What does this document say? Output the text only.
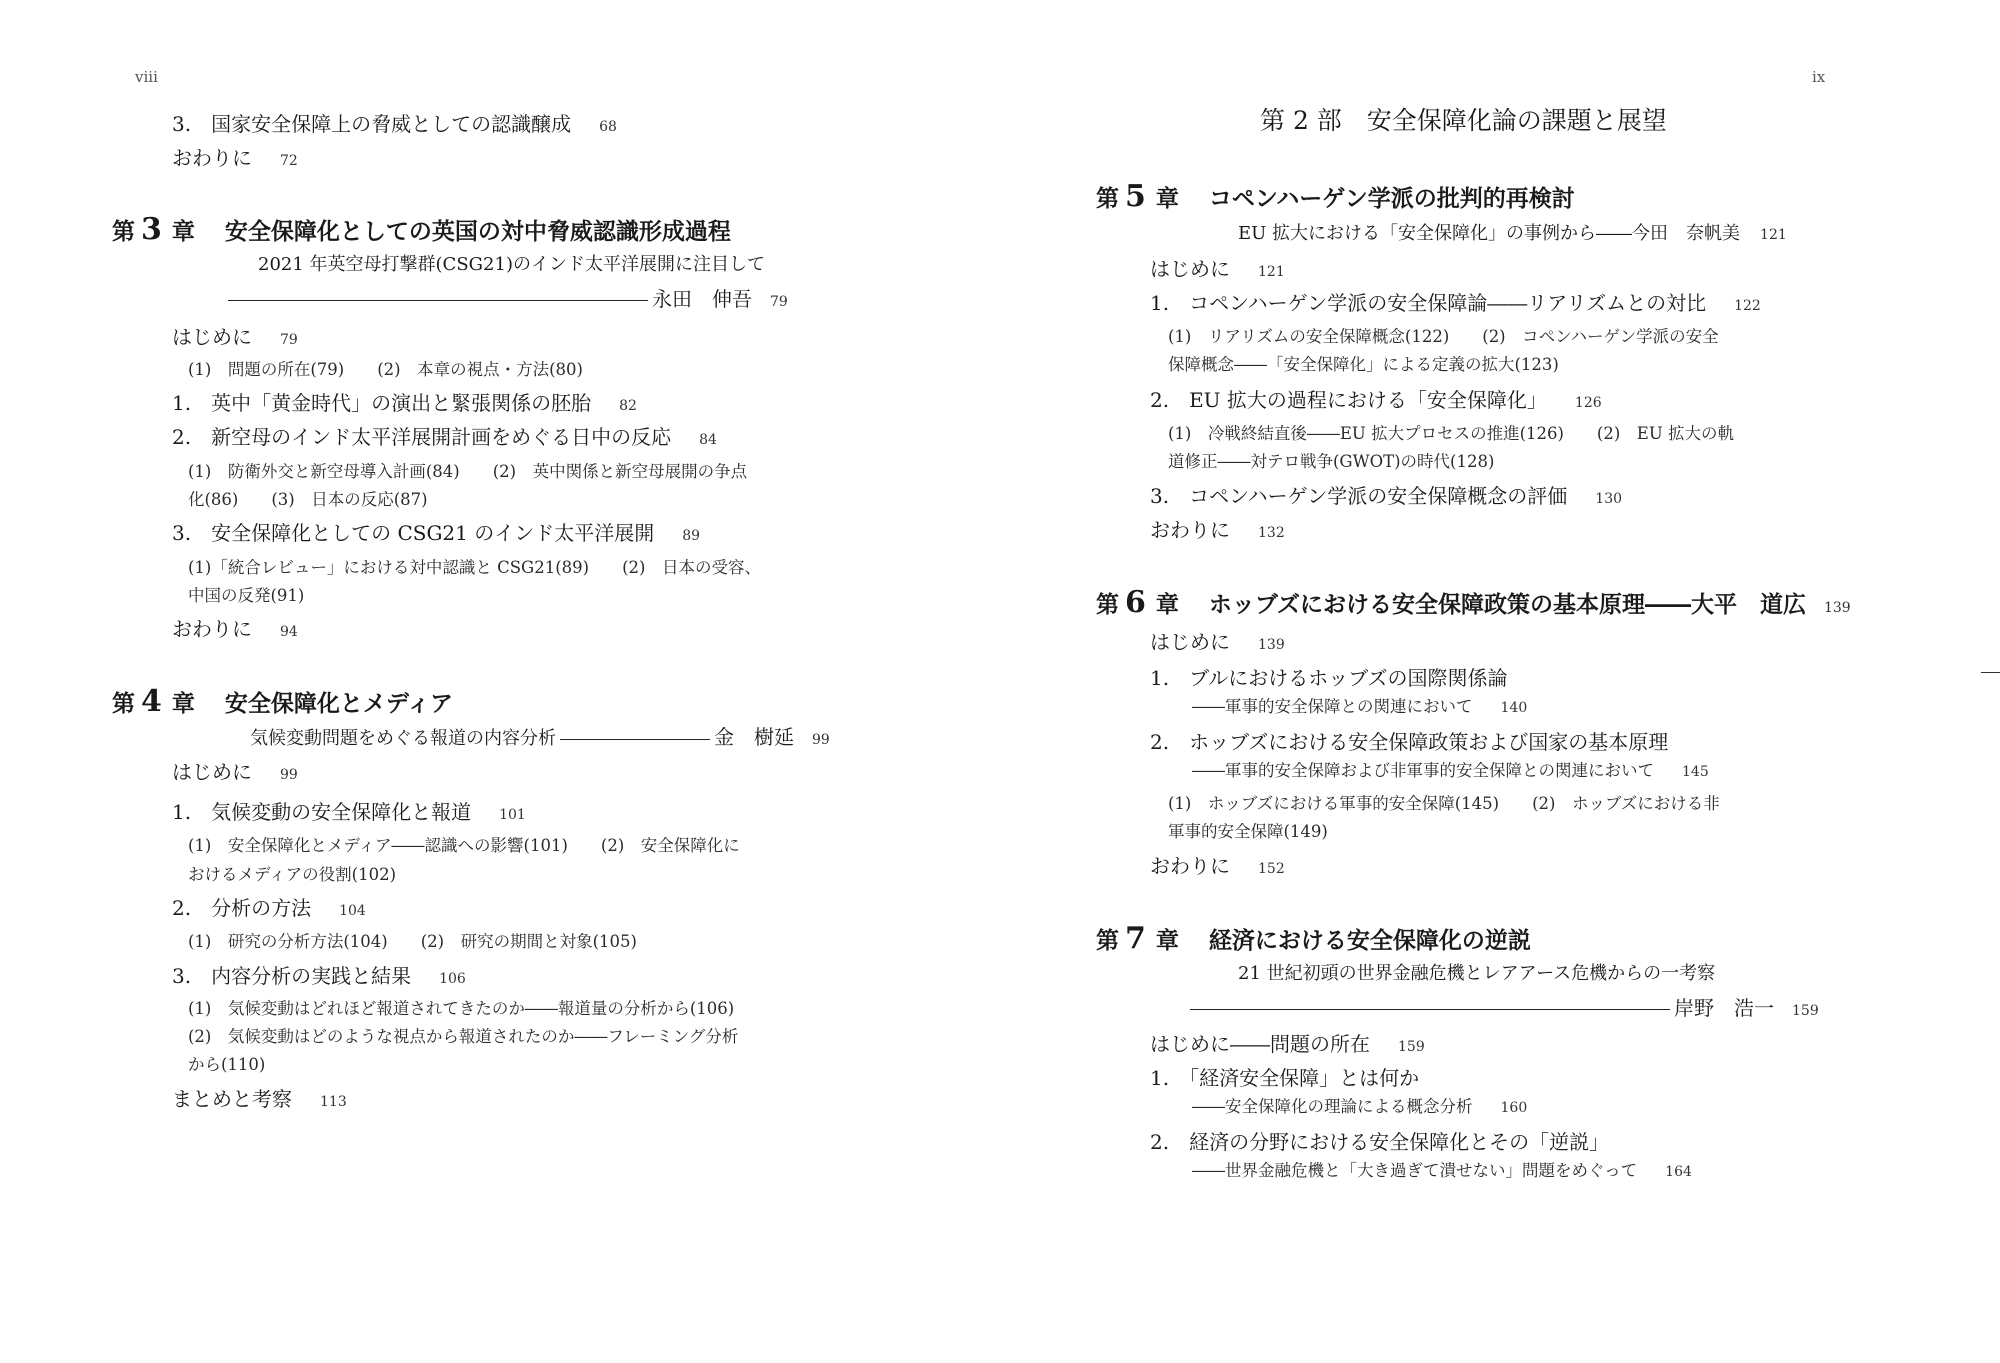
viii
3.　国家安全保障上の脅威としての認識醸成 68
おわりに 72
第 3 章 安全保障化としての英国の対中脅威認識形成過程
2021 年英空母打撃群(CSG21)のインド太平洋展開に注目して
永田　伸吾 79
はじめに 79
(1)　問題の所在(79)　　(2)　本章の視点・方法(80)
1.　英中「黄金時代」の演出と緊張関係の胚胎 82
2.　新空母のインド太平洋展開計画をめぐる日中の反応 84
(1)　防衛外交と新空母導入計画(84)　　(2)　英中関係と新空母展開の争点
化(86)　　(3)　日本の反応(87)
3.　安全保障化としての CSG21 のインド太平洋展開 89
(1)「統合レビュー」における対中認識と CSG21(89)　　(2)　日本の受容、
中国の反発(91)
おわりに 94
第 4 章 安全保障化とメディア
気候変動問題をめぐる報道の内容分析	金　樹延 99
はじめに 99
1.　気候変動の安全保障化と報道 101
(1)　安全保障化とメディア――認識への影響(101)　　(2)　安全保障化に
おけるメディアの役割(102)
2.　分析の方法 104
(1)　研究の分析方法(104)　　(2)　研究の期間と対象(105)
3.　内容分析の実践と結果 106
(1)　気候変動はどれほど報道されてきたのか――報道量の分析から(106)
(2)　気候変動はどのような視点から報道されたのか――フレーミング分析
から(110)
まとめと考察 113
ix
第 2 部　安全保障化論の課題と展望
第 5 章 コペンハーゲン学派の批判的再検討
EU 拡大における「安全保障化」の事例から――今田　奈帆美 121
はじめに 121
1.　コペンハーゲン学派の安全保障論――リアリズムとの対比 122
(1)　リアリズムの安全保障概念(122)　　(2)　コペンハーゲン学派の安全
保障概念――「安全保障化」による定義の拡大(123)
2.　EU 拡大の過程における「安全保障化」 126
(1)　冷戦終結直後――EU 拡大プロセスの推進(126)　　(2)　EU 拡大の軌
道修正――対テロ戦争(GWOT)の時代(128)
3.　コペンハーゲン学派の安全保障概念の評価 130
おわりに 132
第 6 章 ホッブズにおける安全保障政策の基本原理――大平　道広 139
はじめに 139
1.　ブルにおけるホッブズの国際関係論
――軍事的安全保障との関連において 140
2.　ホッブズにおける安全保障政策および国家の基本原理
――軍事的安全保障および非軍事的安全保障との関連において 145
(1)　ホッブズにおける軍事的安全保障(145)　　(2)　ホッブズにおける非
軍事的安全保障(149)
おわりに 152
第 7 章 経済における安全保障化の逆説
21 世紀初頭の世界金融危機とレアアース危機からの一考察
岸野　浩一 159
はじめに――問題の所在 159
1.　「経済安全保障」とは何か
――安全保障化の理論による概念分析 160
2.　経済の分野における安全保障化とその「逆説」
――世界金融危機と「大き過ぎて潰せない」問題をめぐって 164
